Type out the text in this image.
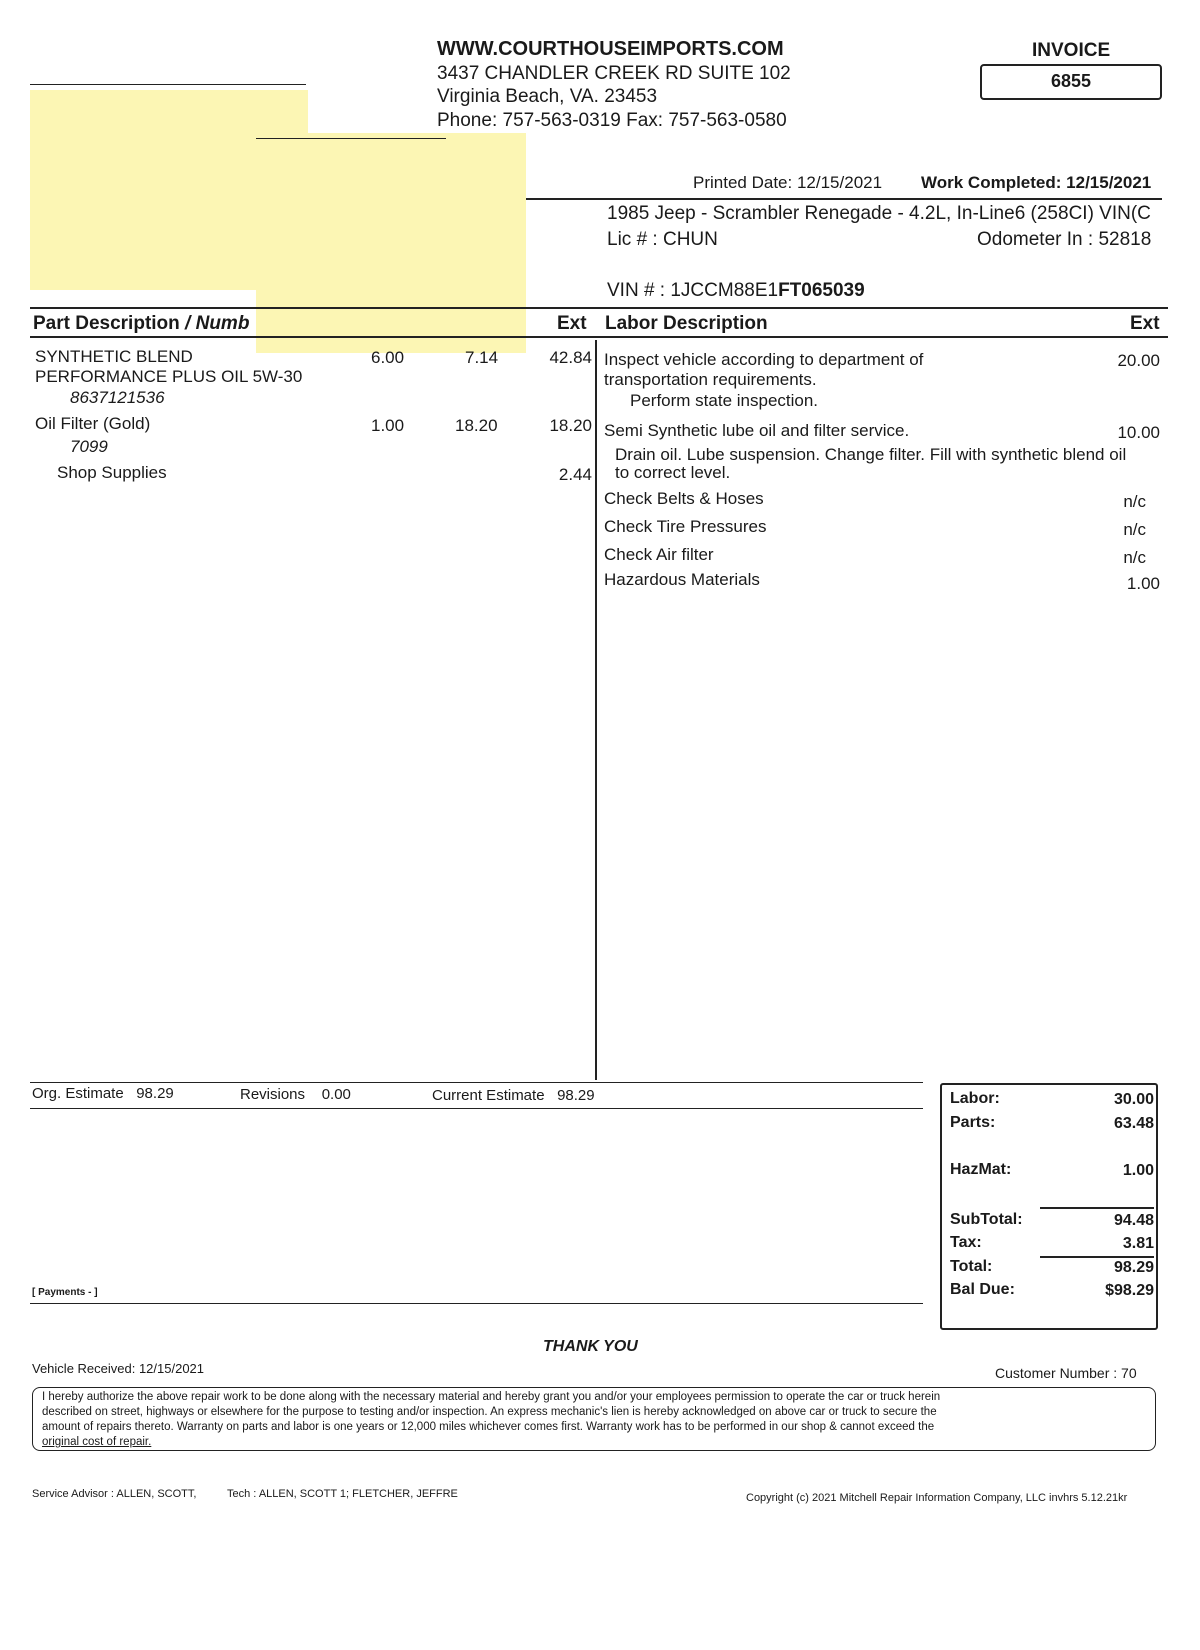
WWW.COURTHOUSEIMPORTS.COM
3437 CHANDLER CREEK RD SUITE 102
Virginia Beach, VA. 23453
Phone: 757-563-0319 Fax: 757-563-0580
INVOICE
6855
Printed Date: 12/15/2021 Work Completed: 12/15/2021
1985 Jeep - Scrambler Renegade - 4.2L, In-Line6 (258CI) VIN(C
Lic # : CHUN	Odometer In : 52818
VIN # : 1JCCM88E1FT065039
Part Description / Numb	Ext Labor Description	Ext
SYNTHETIC BLEND
PERFORMANCE PLUS OIL 5W-30
8637121536
6.00	7.14	42.84
Oil Filter (Gold)
7099
1.00	18.20	18.20
Shop Supplies	2.44
Inspect vehicle according to department of
transportation requirements.
Perform state inspection.
20.00
Semi Synthetic lube oil and filter service.
Drain oil. Lube suspension. Change filter. Fill with synthetic blend oil
to correct level.
10.00
Check Belts & Hoses	n/c
Check Tire Pressures	n/c
Check Air filter	n/c
Hazardous Materials	1.00
Org. Estimate 98.29	Revisions 0.00	Current Estimate 98.29
[ Payments - ]
Labor:	30.00
Parts:	63.48
HazMat:	1.00
SubTotal:	94.48
Tax:	3.81
Total:	98.29
Bal Due:	$98.29
THANK YOU
Vehicle Received: 12/15/2021	Customer Number : 70
I hereby authorize the above repair work to be done along with the necessary material and hereby grant you and/or your employees permission to operate the car or truck herein
described on street, highways or elsewhere for the purpose to testing and/or inspection. An express mechanic's lien is hereby acknowledged on above car or truck to secure the
amount of repairs thereto. Warranty on parts and labor is one years or 12,000 miles whichever comes first. Warranty work has to be performed in our shop & cannot exceed the
original cost of repair.
Service Advisor : ALLEN, SCOTT,	Tech : ALLEN, SCOTT 1; FLETCHER, JEFFRE	Copyright (c) 2021 Mitchell Repair Information Company, LLC invhrs 5.12.21kr
